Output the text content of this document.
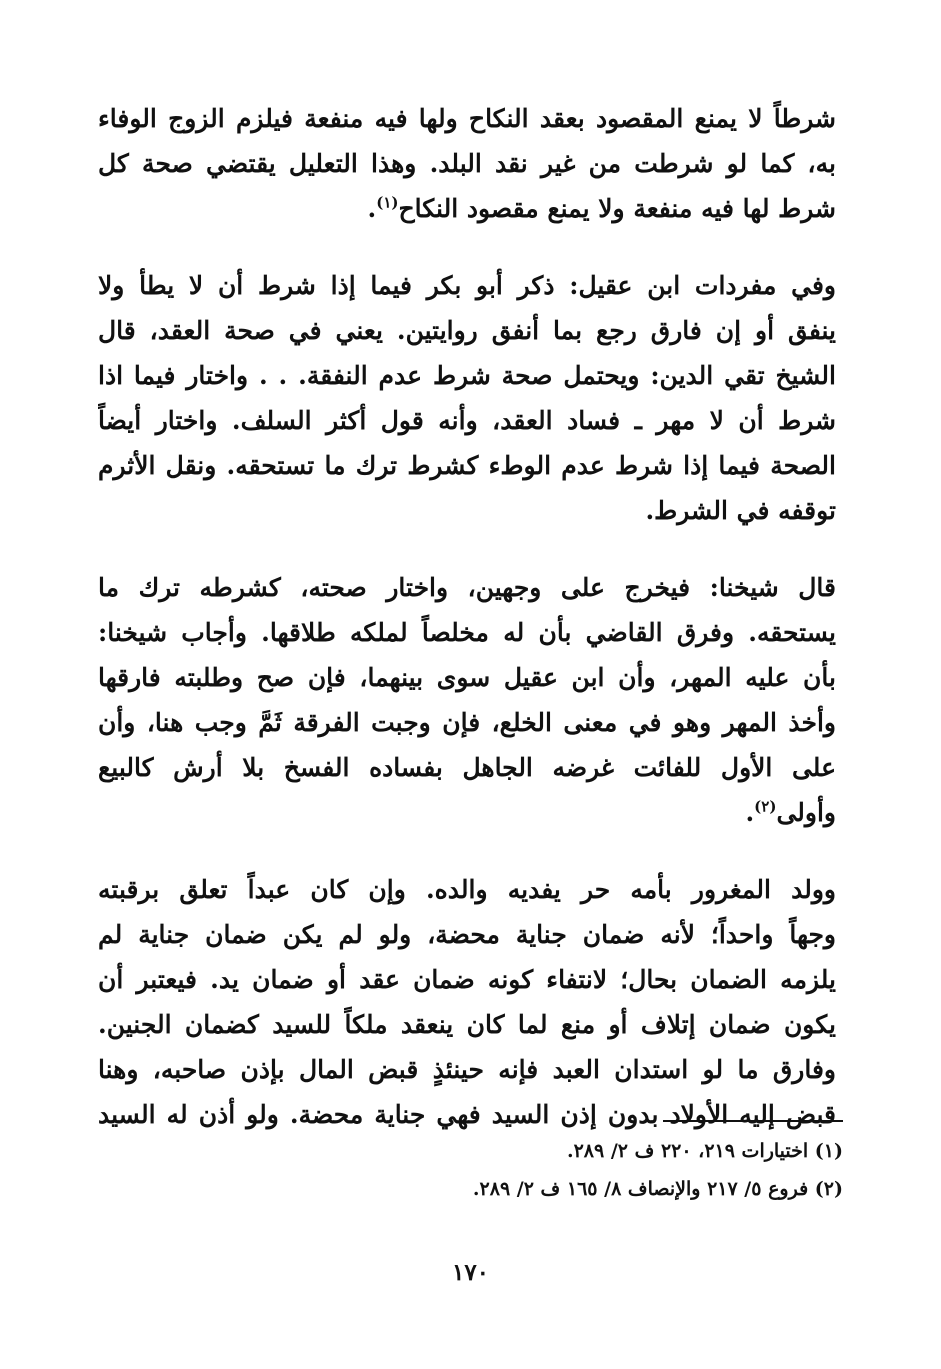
شرطاً لا يمنع المقصود بعقد النكاح ولها فيه منفعة فيلزم الزوج الوفاء
به، كما لو شرطت من غير نقد البلد. وهذا التعليل يقتضي صحة كل
شرط لها فيه منفعة ولا يمنع مقصود النكاح$^{(١)}$.
وفي مفردات ابن عقيل: ذكر أبو بكر فيما إذا شرط أن لا يطأ ولا
ينفق أو إن فارق رجع بما أنفق روايتين. يعني في صحة العقد، قال
الشيخ تقي الدين: ويحتمل صحة شرط عدم النفقة. . . واختار فيما اذا
شرط أن لا مهر ـ فساد العقد، وأنه قول أكثر السلف. واختار أيضاً
الصحة فيما إذا شرط عدم الوطء كشرط ترك ما تستحقه. ونقل الأثرم
توقفه في الشرط.
قال شيخنا: فيخرج على وجهين، واختار صحته، كشرطه ترك ما
يستحقه. وفرق القاضي بأن له مخلصاً لملكه طلاقها. وأجاب شيخنا:
بأن عليه المهر، وأن ابن عقيل سوى بينهما، فإن صح وطلبته فارقها
وأخذ المهر وهو في معنى الخلع، فإن وجبت الفرقة ثَمَّ وجب هنا، وأن
على الأول للفائت غرضه الجاهل بفساده الفسخ بلا أرش كالبيع
وأولى$^{(٢)}$.
وولد المغرور بأمه حر يفديه والده. وإن كان عبداً تعلق برقبته
وجهاً واحداً؛ لأنه ضمان جناية محضة، ولو لم يكن ضمان جناية لم
يلزمه الضمان بحال؛ لانتفاء كونه ضمان عقد أو ضمان يد. فيعتبر أن
يكون ضمان إتلاف أو منع لما كان ينعقد ملكاً للسيد كضمان الجنين.
وفارق ما لو استدان العبد فإنه حينئذٍ قبض المال بإذن صاحبه، وهنا
قبض إليه الأولاد بدون إذن السيد فهي جناية محضة. ولو أذن له السيد
(١) اختيارات ٢١٩، ٢٢٠ ف ٢/ ٢٨٩.
(٢) فروع ٥/ ٢١٧ والإنصاف ٨/ ١٦٥ ف ٢/ ٢٨٩.
١٧٠
